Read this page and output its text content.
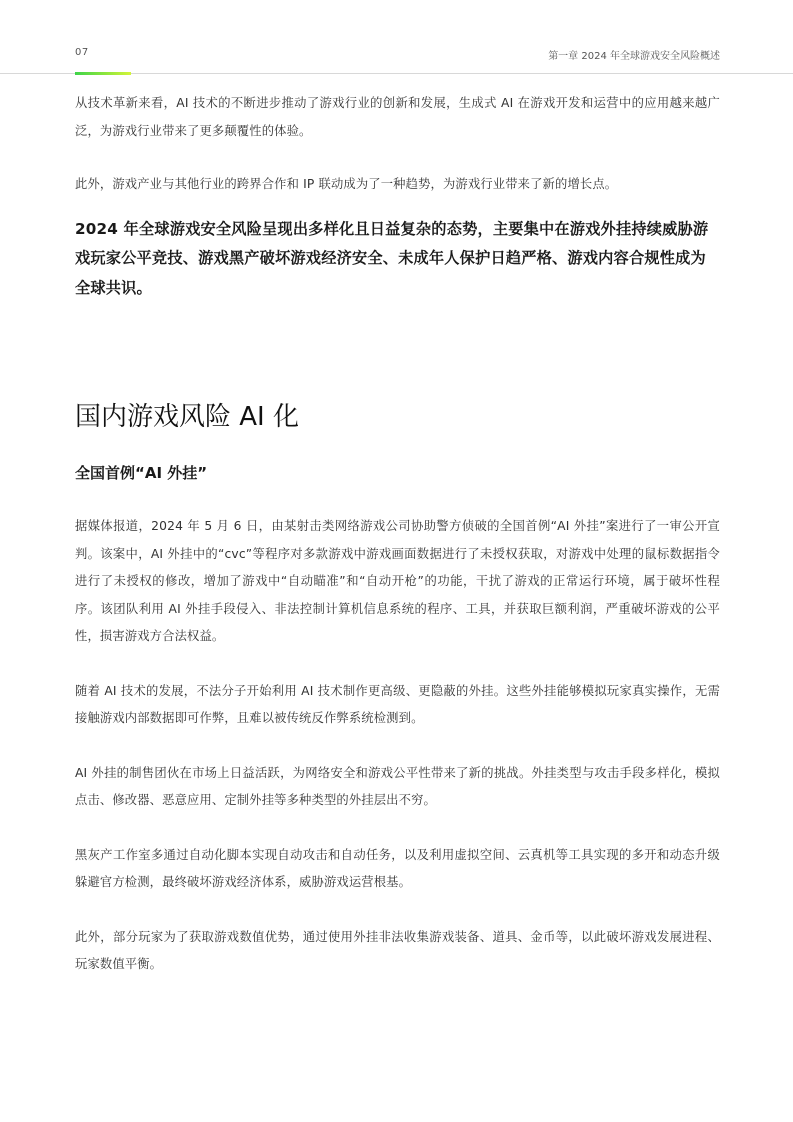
07	第一章 2024 年全球游戏安全风险概述

从技术革新来看，AI 技术的不断进步推动了游戏行业的创新和发展，生成式 AI 在游戏开发和运营中的应用越来越广泛，为游戏行业带来了更多颠覆性的体验。

此外，游戏产业与其他行业的跨界合作和 IP 联动成为了一种趋势，为游戏行业带来了新的增长点。

2024 年全球游戏安全风险呈现出多样化且日益复杂的态势，主要集中在游戏外挂持续威胁游戏玩家公平竞技、游戏黑产破坏游戏经济安全、未成年人保护日趋严格、游戏内容合规性成为全球共识。

国内游戏风险 AI 化
全国首例“AI 外挂”

据媒体报道，2024 年 5 月 6 日，由某射击类网络游戏公司协助警方侦破的全国首例“AI 外挂”案进行了一审公开宣判。该案中，AI 外挂中的“cvc”等程序对多款游戏中游戏画面数据进行了未授权获取，对游戏中处理的鼠标数据指令进行了未授权的修改，增加了游戏中“自动瞄准”和“自动开枪”的功能，干扰了游戏的正常运行环境，属于破坏性程序。该团队利用 AI 外挂手段侵入、非法控制计算机信息系统的程序、工具，并获取巨额利润，严重破坏游戏的公平性，损害游戏方合法权益。

随着 AI 技术的发展，不法分子开始利用 AI 技术制作更高级、更隐蔽的外挂。这些外挂能够模拟玩家真实操作，无需接触游戏内部数据即可作弊，且难以被传统反作弊系统检测到。

AI 外挂的制售团伙在市场上日益活跃，为网络安全和游戏公平性带来了新的挑战。外挂类型与攻击手段多样化，模拟点击、修改器、恶意应用、定制外挂等多种类型的外挂层出不穷。

黑灰产工作室多通过自动化脚本实现自动攻击和自动任务，以及利用虚拟空间、云真机等工具实现的多开和动态升级躲避官方检测，最终破坏游戏经济体系，威胁游戏运营根基。

此外，部分玩家为了获取游戏数值优势，通过使用外挂非法收集游戏装备、道具、金币等，以此破坏游戏发展进程、玩家数值平衡。
